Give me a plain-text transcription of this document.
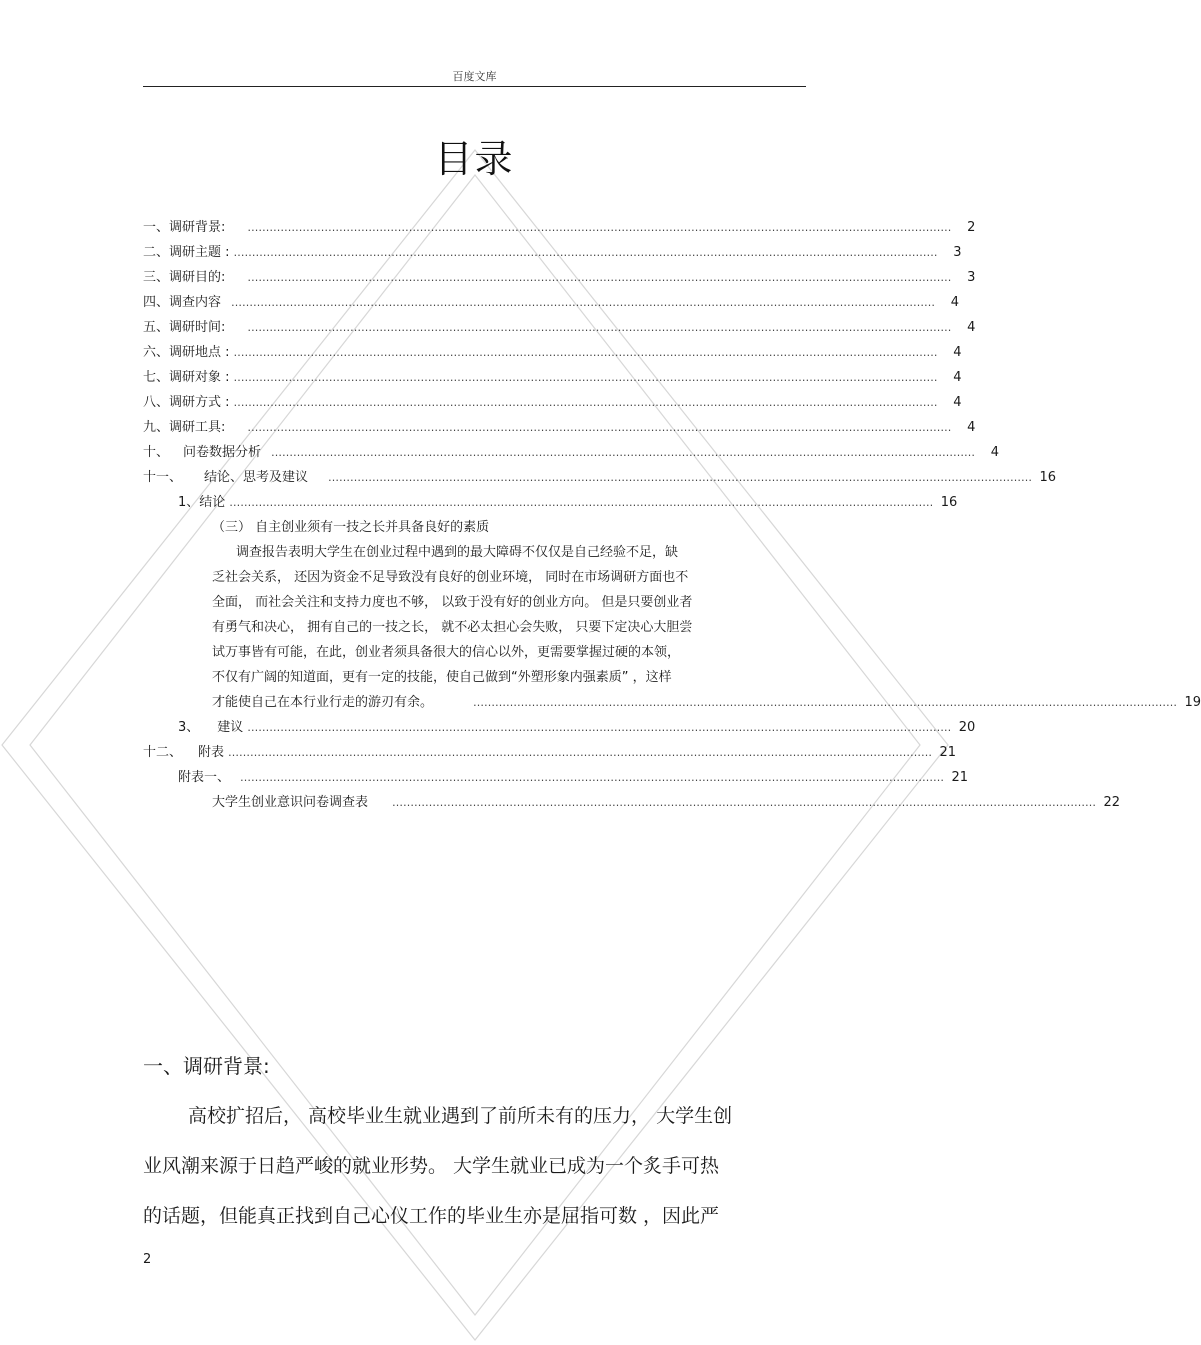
百度文库
目录
一、调研背景: …………………………………………………………………………………………………………………………………………………………………………	2
二、调研主题 : …………………………………………………………………………………………………………………………………………………………………………	3
三、调研目的: …………………………………………………………………………………………………………………………………………………………………………	3
四、调查内容 …………………………………………………………………………………………………………………………………………………………………………	4
五、调研时间: …………………………………………………………………………………………………………………………………………………………………………	4
六、调研地点 : …………………………………………………………………………………………………………………………………………………………………………	4
七、调研对象 : …………………………………………………………………………………………………………………………………………………………………………	4
八、调研方式 : …………………………………………………………………………………………………………………………………………………………………………	4
九、调研工具: …………………………………………………………………………………………………………………………………………………………………………	4
十、 问卷数据分析 …………………………………………………………………………………………………………………………………………………………………………	4
十一、 结论、思考及建议 ………………………………………………………………………………………………………………………………………………………………………… 16
1、结论 ………………………………………………………………………………………………………………………………………………………………………… 16
（三） 自主创业须有一技之长并具备良好的素质
调查报告表明大学生在创业过程中遇到的最大障碍不仅仅是自己经验不足，缺
乏社会关系， 还因为资金不足导致没有良好的创业环境， 同时在市场调研方面也不
全面， 而社会关注和支持力度也不够， 以致于没有好的创业方向。 但是只要创业者
有勇气和决心， 拥有自己的一技之长， 就不必太担心会失败， 只要下定决心大胆尝
试万事皆有可能，在此，创业者须具备很大的信心以外，更需要掌握过硬的本领，
不仅有广阔的知道面，更有一定的技能，使自己做到“外塑形象内强素质” ，这样
才能使自己在本行业行走的游刃有余。	………………………………………………………………………………………………………………………………………………………………………… 19
3、 建议 ………………………………………………………………………………………………………………………………………………………………………… 20
十二、 附表 ………………………………………………………………………………………………………………………………………………………………………… 21
附表一、 ………………………………………………………………………………………………………………………………………………………………………… 21
大学生创业意识问卷调查表 ………………………………………………………………………………………………………………………………………………………………………… 22
一、调研背景:
高校扩招后， 高校毕业生就业遇到了前所未有的压力， 大学生创
业风潮来源于日趋严峻的就业形势。 大学生就业已成为一个炙手可热
的话题，但能真正找到自己心仪工作的毕业生亦是屈指可数 ，因此严
2
